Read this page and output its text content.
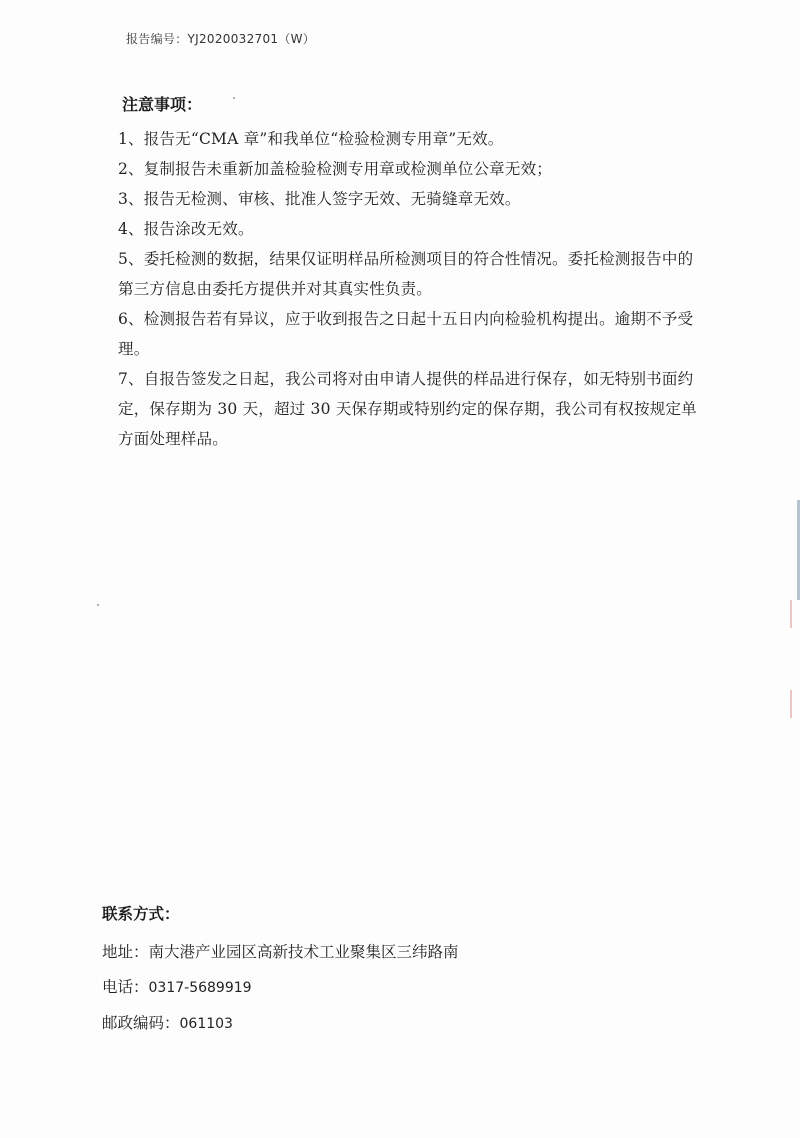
报告编号：YJ2020032701（W）
注意事项：

1、报告无“CMA 章”和我单位“检验检测专用章”无效。

2、复制报告未重新加盖检验检测专用章或检测单位公章无效；

3、报告无检测、审核、批准人签字无效、无骑缝章无效。

4、报告涂改无效。

5、委托检测的数据，结果仅证明样品所检测项目的符合性情况。委托检测报告中的第三方信息由委托方提供并对其真实性负责。

6、检测报告若有异议，应于收到报告之日起十五日内向检验机构提出。逾期不予受理。

7、自报告签发之日起，我公司将对由申请人提供的样品进行保存，如无特别书面约定，保存期为 30 天，超过 30 天保存期或特别约定的保存期，我公司有权按规定单方面处理样品。

联系方式：
地址：南大港产业园区高新技术工业聚集区三纬路南
电话：0317-5689919
邮政编码：061103
